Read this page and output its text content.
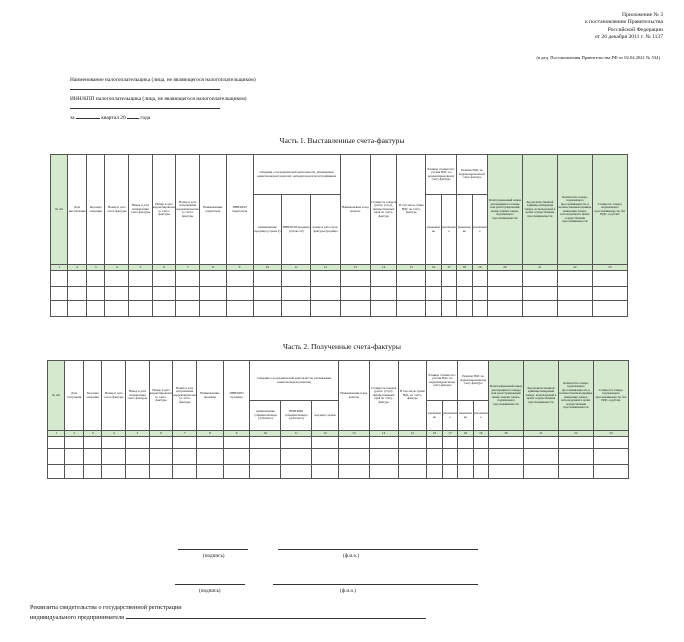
Приложение № 3
к постановлению Правительства
Российской Федерации
от 26 декабря 2011 г. № 1137
(в ред. Постановления Правительства РФ от 02.04.2021 № 534)
Наименование налогоплательщика (лица, не являющегося налогоплательщиком)
ИНН/КПП налогоплательщика (лица, не являющегося налогоплательщиком)
за	квартал 20	года
Часть 1. Выставленные счета-фактуры
№ п/п	Дата выставления	Код вида операции	Номер и дата счета-фактуры	Номер и дата исправления счета-фактуры	Номер и дата корректировочного счета-фактуры	Номер и дата исправления корректировочного счета-фактуры	Наименование покупателя	ИНН/КПП покупателя	Сведения о посреднической деятельности, указываемые комиссионером (агентом), экспедитором или застройщиком			Наименование и код валюты	Стоимость товаров (работ, услуг), имущественных прав по счету-фактуре	В том числе сумма НДС по счету-фактуре	Разница стоимости с учетом НДС по корректировочному счету-фактуре		Разница НДС по корректировочному счету-фактуре		Регистрационный номер декларации на товары или регистрационный номер партии товара, подлежащего прослеживаемости	Код количественной единицы измерения товара, используемой в целях осуществления прослеживаемости	Количество товара, подлежащего прослеживаемости, в количественной единице измерения товара, используемой в целях осуществления прослеживаемости	Стоимость товара, подлежащего прослеживаемости, без НДС, в рублях
									наименование продавца (строка 2)	ИНН/КПП продавца (строка 2б)	номер и дата счета-фактуры продавца				уменьшение	увеличение	уменьшение	увеличение				
1	2	3	4	5	6	7	8	9	10	11	12	13	14	15	16	17	18	19	20	21	22	23

Часть 2. Полученные счета-фактуры
№ п/п	Дата получения	Код вида операции	Номер и дата счета-фактуры	Номер и дата исправления счета-фактуры	Номер и дата корректировочного счета-фактуры	Номер и дата исправления корректировочного счета-фактуры	Наименование продавца	ИНН/КПП продавца	Сведения о посреднической деятельности, указываемые комиссионером (агентом)			Наименование и код валюты	Стоимость товаров (работ, услуг), имущественных прав по счету-фактуре	В том числе сумма НДС по счету-фактуре	Разница стоимости с учетом НДС по корректировочному счету-фактуре		Разница НДС по корректировочному счету-фактуре		Регистрационный номер декларации на товары или регистрационный номер партии товара, подлежащего прослеживаемости	Код количественной единицы измерения товара, используемой в целях осуществления прослеживаемости	Количество товара, подлежащего прослеживаемости, в количественной единице измерения товара, используемой в целях осуществления прослеживаемости	Стоимость товара, подлежащего прослеживаемости, без НДС, в рублях
									наименование субкомиссионера (субагента)	ИНН/КПП субкомиссионера (субагента)	код вида сделки				уменьшение	увеличение	уменьшение	увеличение				
1	2	3	4	5	6	7	8	9	10	11	12	13	14	15	16	17	18	19	20	21	22	23

(подпись)	(ф.и.о.)
(подпись)	(ф.и.о.)
Реквизиты свидетельства о государственной регистрации
индивидуального предпринимателя
